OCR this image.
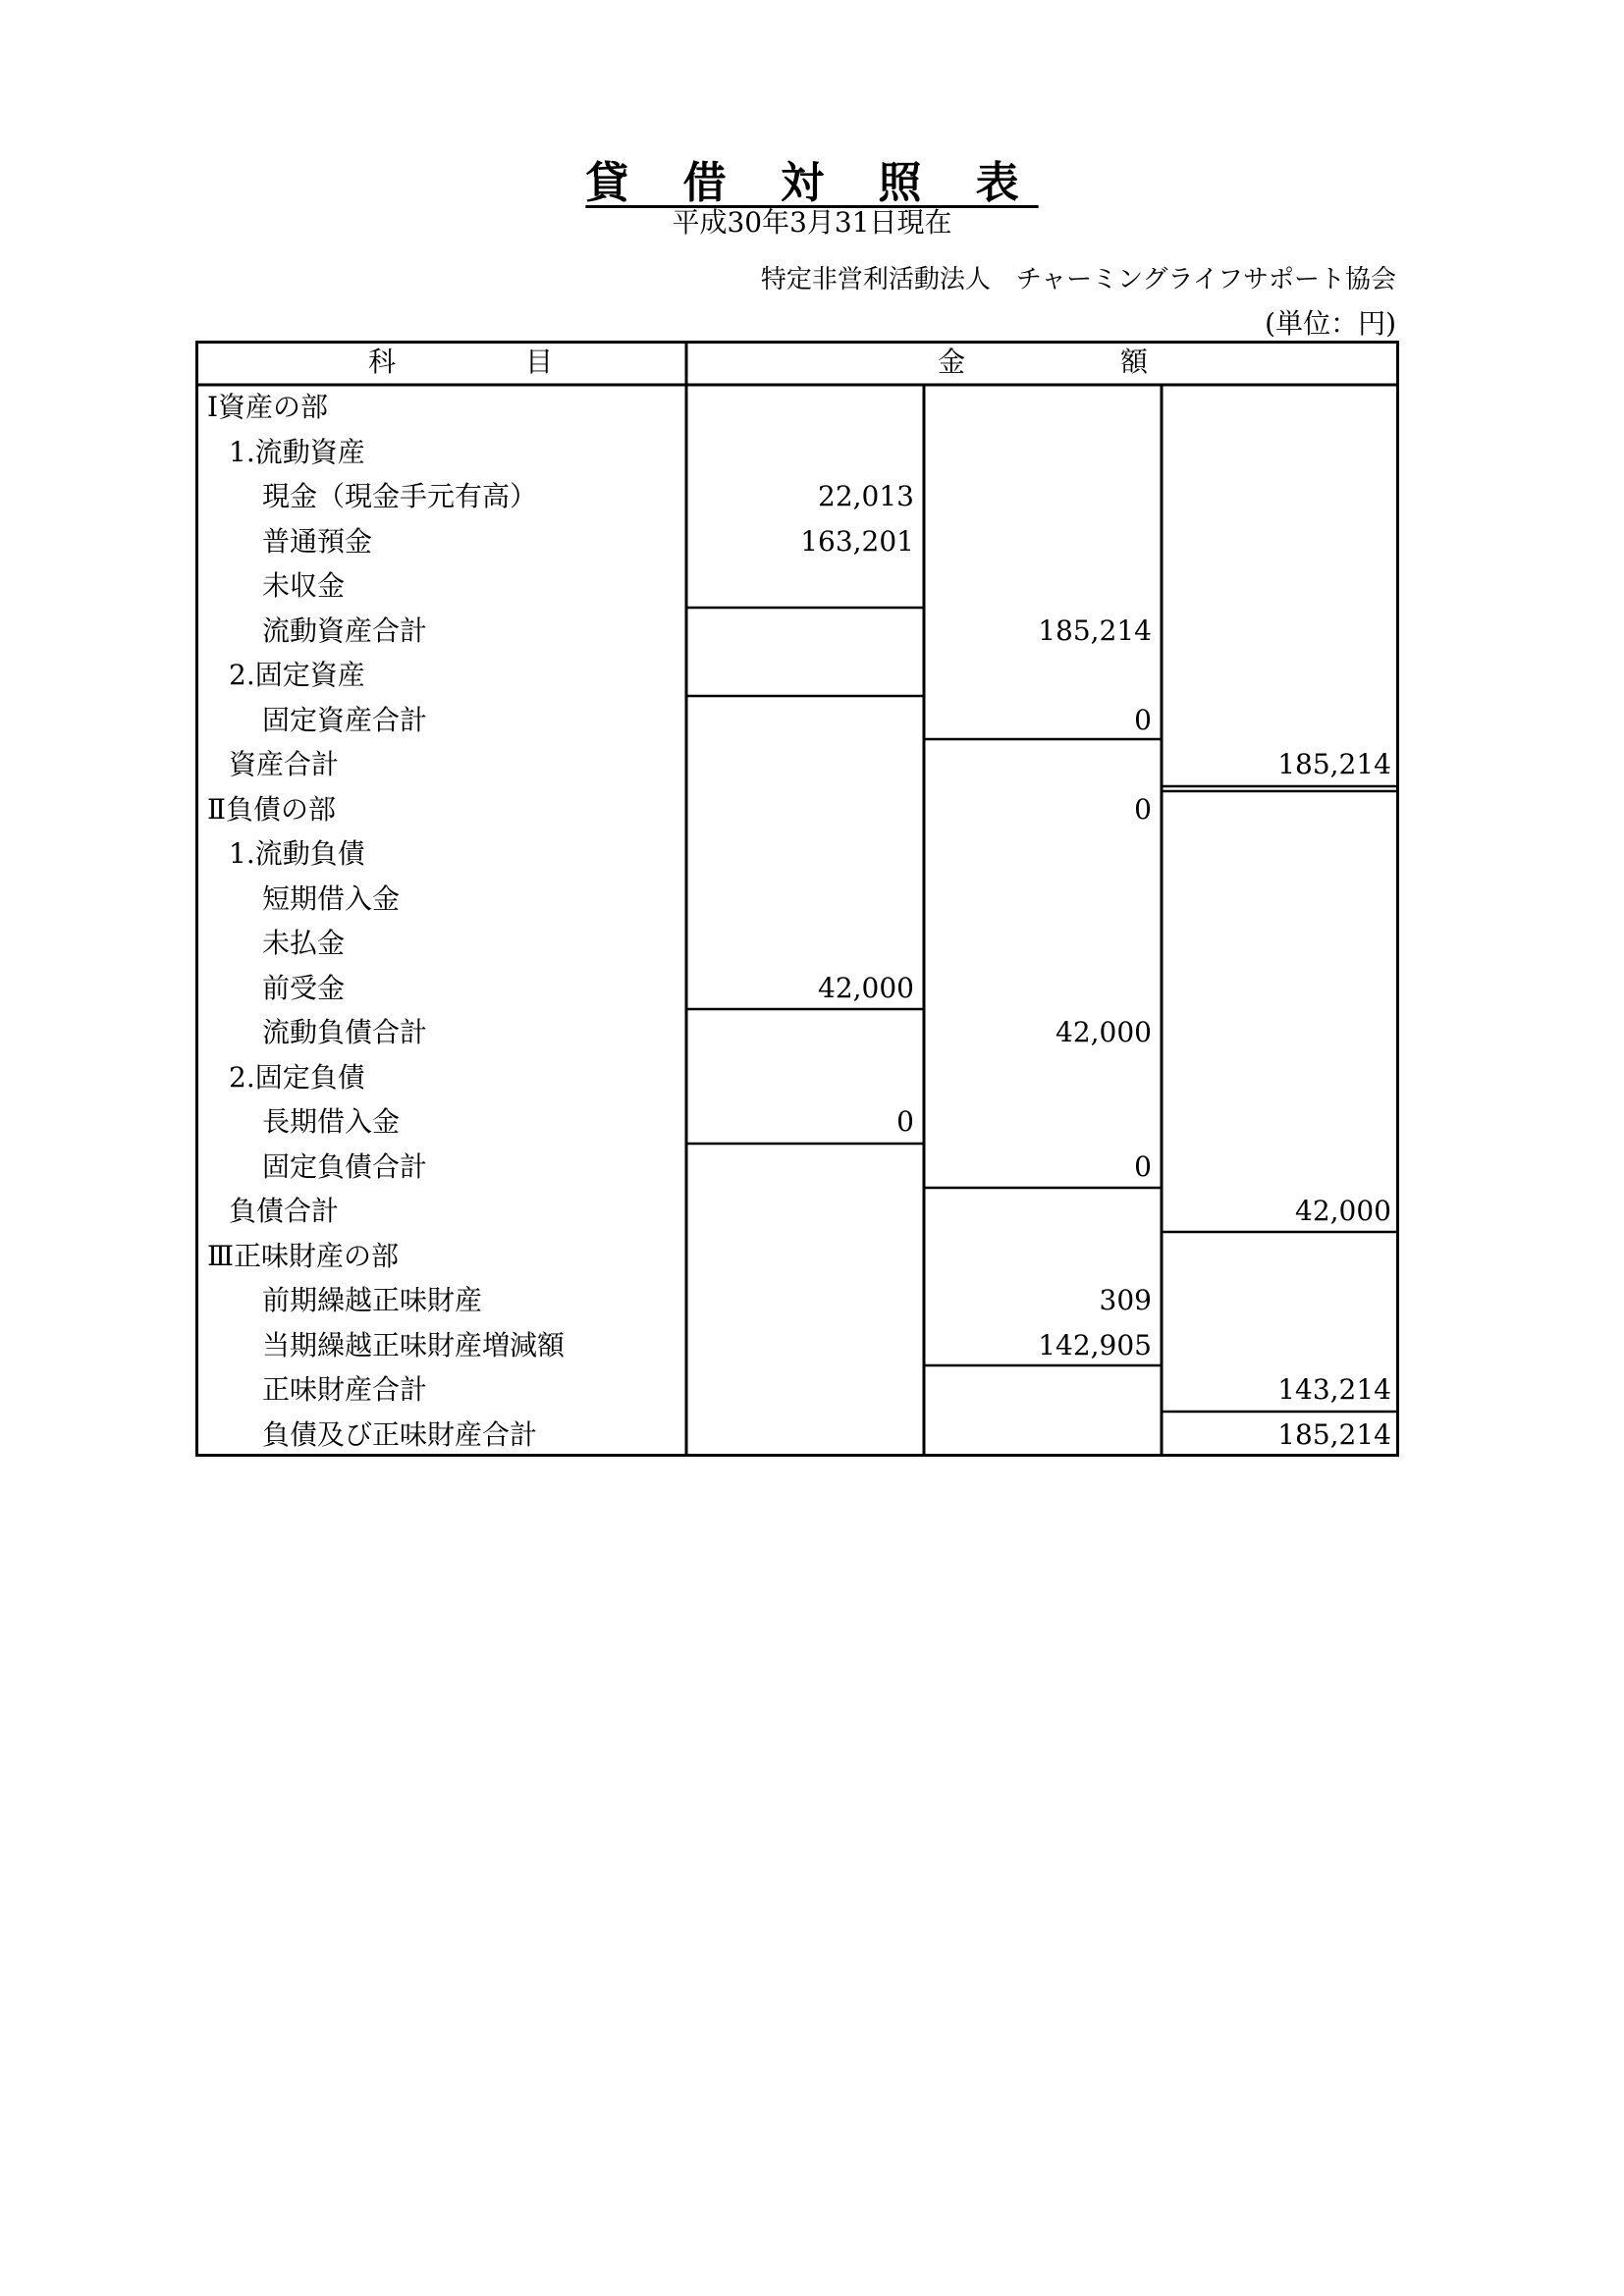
貸 借 対 照 表
平成30年3月31日現在
特定非営利活動法人　チャーミングライフサポート協会
(単位：円)
科	目	金	額
Ⅰ資産の部
1.流動資産
現金（現金手元有高）	22,013
普通預金	163,201
未収金
流動資産合計	185,214
2.固定資産
固定資産合計	0
資産合計	185,214
Ⅱ負債の部	0
1.流動負債
短期借入金
未払金
前受金	42,000
流動負債合計	42,000
2.固定負債
長期借入金	0
固定負債合計	0
負債合計	42,000
Ⅲ正味財産の部
前期繰越正味財産	309
当期繰越正味財産増減額	142,905
正味財産合計	143,214
負債及び正味財産合計	185,214
